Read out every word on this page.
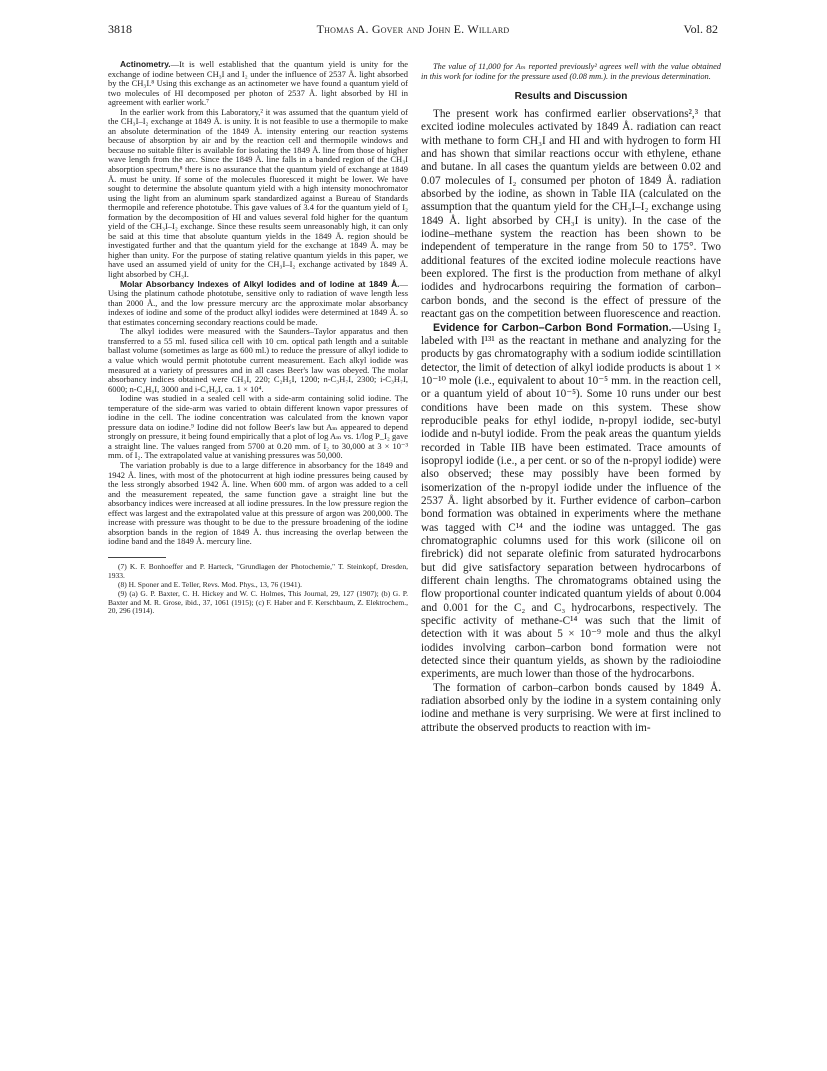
3818	Thomas A. Gover and John E. Willard	Vol. 82

Actinometry.—It is well established that the quantum yield is unity for the exchange of iodine between CH₃I and I₂ under the influence of 2537 Å. light absorbed by the CH₃I.⁸ Using this exchange as an actinometer we have found a quantum yield of two molecules of HI decomposed per photon of 2537 Å. light absorbed by HI in agreement with earlier work.⁷

In the earlier work from this Laboratory,² it was assumed that the quantum yield of the CH₃I–I₂ exchange at 1849 Å. is unity. It is not feasible to use a thermopile to make an absolute determination of the 1849 Å. intensity entering our reaction systems because of absorption by air and by the reaction cell and thermopile windows and because no suitable filter is available for isolating the 1849 Å. line from those of higher wave length from the arc. Since the 1849 Å. line falls in a banded region of the CH₃I absorption spectrum,⁸ there is no assurance that the quantum yield of exchange at 1849 Å. must be unity. If some of the molecules fluoresced it might be lower. We have sought to determine the absolute quantum yield with a high intensity monochromator using the light from an aluminum spark standardized against a Bureau of Standards thermopile and reference phototube. This gave values of 3.4 for the quantum yield of I₂ formation by the decomposition of HI and values several fold higher for the quantum yield of the CH₃I–I₂ exchange. Since these results seem unreasonably high, it can only be said at this time that absolute quantum yields in the 1849 Å. region should be investigated further and that the quantum yield for the exchange at 1849 Å. may be higher than unity. For the purpose of stating relative quantum yields in this paper, we have used an assumed yield of unity for the CH₃I–I₂ exchange activated by 1849 Å. light absorbed by CH₃I.

Molar Absorbancy Indexes of Alkyl Iodides and of Iodine at 1849 Å.—Using the platinum cathode phototube, sensitive only to radiation of wave length less than 2000 Å., and the low pressure mercury arc the approximate molar absorbancy indexes of iodine and some of the product alkyl iodides were determined at 1849 Å. so that estimates concerning secondary reactions could be made.

The alkyl iodides were measured with the Saunders–Taylor apparatus and then transferred to a 55 ml. fused silica cell with 10 cm. optical path length and a suitable ballast volume (sometimes as large as 600 ml.) to reduce the pressure of alkyl iodide to a value which would permit phototube current measurement. Each alkyl iodide was measured at a variety of pressures and in all cases Beer's law was obeyed. The molar absorbancy indices obtained were CH₃I, 220; C₂H₅I, 1200; n-C₃H₇I, 2300; i-C₃H₇I, 6000; n-C₄H₉I, 3000 and i-C₄H₉I, ca. 1 × 10⁴.

Iodine was studied in a sealed cell with a side-arm containing solid iodine. The temperature of the side-arm was varied to obtain different known vapor pressures of iodine in the cell. The iodine concentration was calculated from the known vapor pressure data on iodine.⁹ Iodine did not follow Beer's law but Aₘ appeared to depend strongly on pressure, it being found empirically that a plot of log Aₘ vs. 1/log P_I₂ gave a straight line. The values ranged from 5700 at 0.20 mm. of I₂ to 30,000 at 3 × 10⁻³ mm. of I₂. The extrapolated value at vanishing pressures was 50,000.

The variation probably is due to a large difference in absorbancy for the 1849 and 1942 Å. lines, with most of the photocurrent at high iodine pressures being caused by the less strongly absorbed 1942 Å. line. When 600 mm. of argon was added to a cell and the measurement repeated, the same function gave a straight line but the absorbancy indices were increased at all iodine pressures. In the low pressure region the effect was largest and the extrapolated value at this pressure of argon was 200,000. The increase with pressure was thought to be due to the pressure broadening of the iodine absorption bands in the region of 1849 Å. thus increasing the overlap between the iodine band and the 1849 Å. mercury line.

(7) K. F. Bonhoeffer and P. Harteck, "Grundlagen der Photochemie," T. Steinkopf, Dresden, 1933.

(8) H. Sponer and E. Teller, Revs. Mod. Phys., 13, 76 (1941).

(9) (a) G. P. Baxter, C. H. Hickey and W. C. Holmes, This Journal, 29, 127 (1907); (b) G. P. Baxter and M. R. Grose, ibid., 37, 1061 (1915); (c) F. Haber and F. Kerschbaum, Z. Elektrochem., 20, 296 (1914).

The value of 11,000 for Aₘ reported previously² agrees well with the value obtained in this work for iodine for the pressure used (0.08 mm.). in the previous determination.

Results and Discussion

The present work has confirmed earlier observations²,³ that excited iodine molecules activated by 1849 Å. radiation can react with methane to form CH₃I and HI and with hydrogen to form HI and has shown that similar reactions occur with ethylene, ethane and butane. In all cases the quantum yields are between 0.02 and 0.07 molecules of I₂ consumed per photon of 1849 Å. radiation absorbed by the iodine, as shown in Table IIA (calculated on the assumption that the quantum yield for the CH₃I–I₂ exchange using 1849 Å. light absorbed by CH₃I is unity). In the case of the iodine–methane system the reaction has been shown to be independent of temperature in the range from 50 to 175°. Two additional features of the excited iodine molecule reactions have been explored. The first is the production from methane of alkyl iodides and hydrocarbons requiring the formation of carbon–carbon bonds, and the second is the effect of pressure of the reactant gas on the competition between fluorescence and reaction.

Evidence for Carbon–Carbon Bond Formation.—Using I₂ labeled with I¹³¹ as the reactant in methane and analyzing for the products by gas chromatography with a sodium iodide scintillation detector, the limit of detection of alkyl iodide products is about 1 × 10⁻¹⁰ mole (i.e., equivalent to about 10⁻⁵ mm. in the reaction cell, or a quantum yield of about 10⁻⁵). Some 10 runs under our best conditions have been made on this system. These show reproducible peaks for ethyl iodide, n-propyl iodide, sec-butyl iodide and n-butyl iodide. From the peak areas the quantum yields recorded in Table IIB have been estimated. Trace amounts of isopropyl iodide (i.e., a per cent. or so of the n-propyl iodide) were also observed; these may possibly have been formed by isomerization of the n-propyl iodide under the influence of the 2537 Å. light absorbed by it. Further evidence of carbon–carbon bond formation was obtained in experiments where the methane was tagged with C¹⁴ and the iodine was untagged. The gas chromatographic columns used for this work (silicone oil on firebrick) did not separate olefinic from saturated hydrocarbons but did give satisfactory separation between hydrocarbons of different chain lengths. The chromatograms obtained using the flow proportional counter indicated quantum yields of about 0.004 and 0.001 for the C₂ and C₃ hydrocarbons, respectively. The specific activity of methane-C¹⁴ was such that the limit of detection with it was about 5 × 10⁻⁹ mole and thus the alkyl iodides involving carbon–carbon bond formation were not detected since their quantum yields, as shown by the radioiodine experiments, are much lower than those of the hydrocarbons.

The formation of carbon–carbon bonds caused by 1849 Å. radiation absorbed only by the iodine in a system containing only iodine and methane is very surprising. We were at first inclined to attribute the observed products to reaction with im-
